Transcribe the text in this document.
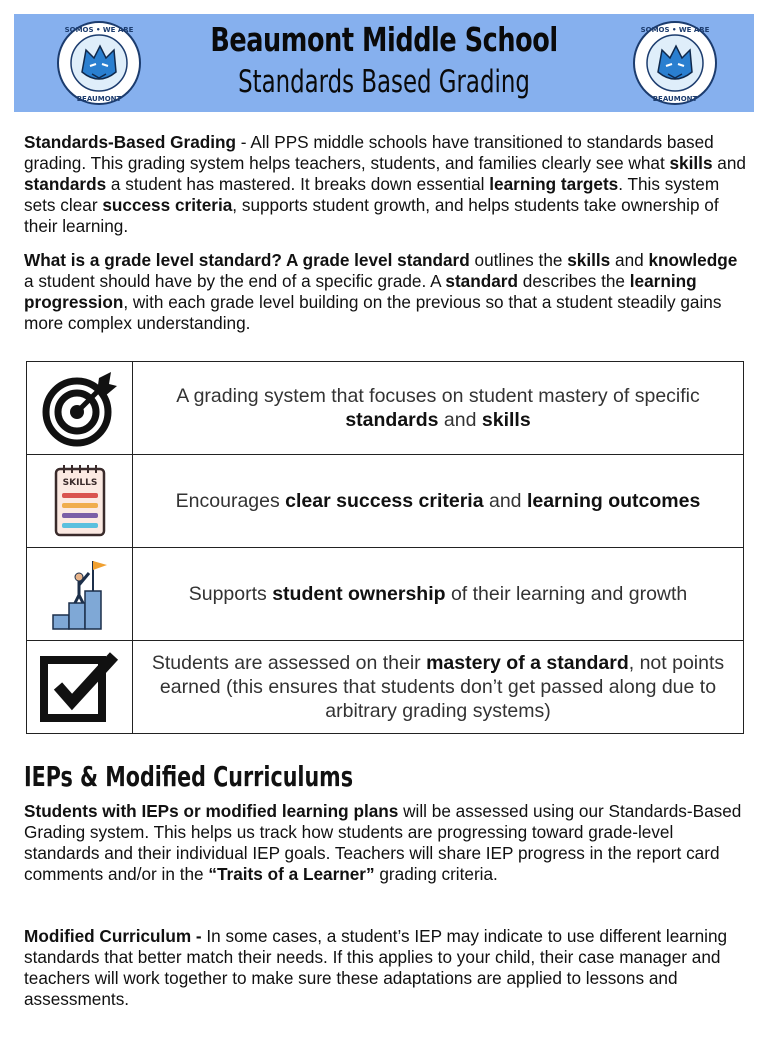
SOMOS • WE ARE
BEAUMONT
Beaumont Middle School
Standards Based Grading
SOMOS • WE ARE
BEAUMONT
Standards-Based Grading - All PPS middle schools have transitioned to standards based grading. This grading system helps teachers, students, and families clearly see what skills and standards a student has mastered. It breaks down essential learning targets. This system sets clear success criteria, supports student growth, and helps students take ownership of their learning.
What is a grade level standard? A grade level standard outlines the skills and knowledge a student should have by the end of a specific grade. A standard describes the learning progression, with each grade level building on the previous so that a student steadily gains more complex understanding.
	A grading system that focuses on student mastery of specific standards and skills

SKILLS	Encourages clear success criteria and learning outcomes

	Supports student ownership of their learning and growth

	Students are assessed on their mastery of a standard, not points earned (this ensures that students don’t get passed along due to arbitrary grading systems)
IEPs & Modified Curriculums
Students with IEPs or modified learning plans will be assessed using our Standards-Based Grading system. This helps us track how students are progressing toward grade-level standards and their individual IEP goals. Teachers will share IEP progress in the report card comments and/or in the “Traits of a Learner” grading criteria.
Modified Curriculum - In some cases, a student’s IEP may indicate to use different learning standards that better match their needs. If this applies to your child, their case manager and teachers will work together to make sure these adaptations are applied to lessons and assessments.
